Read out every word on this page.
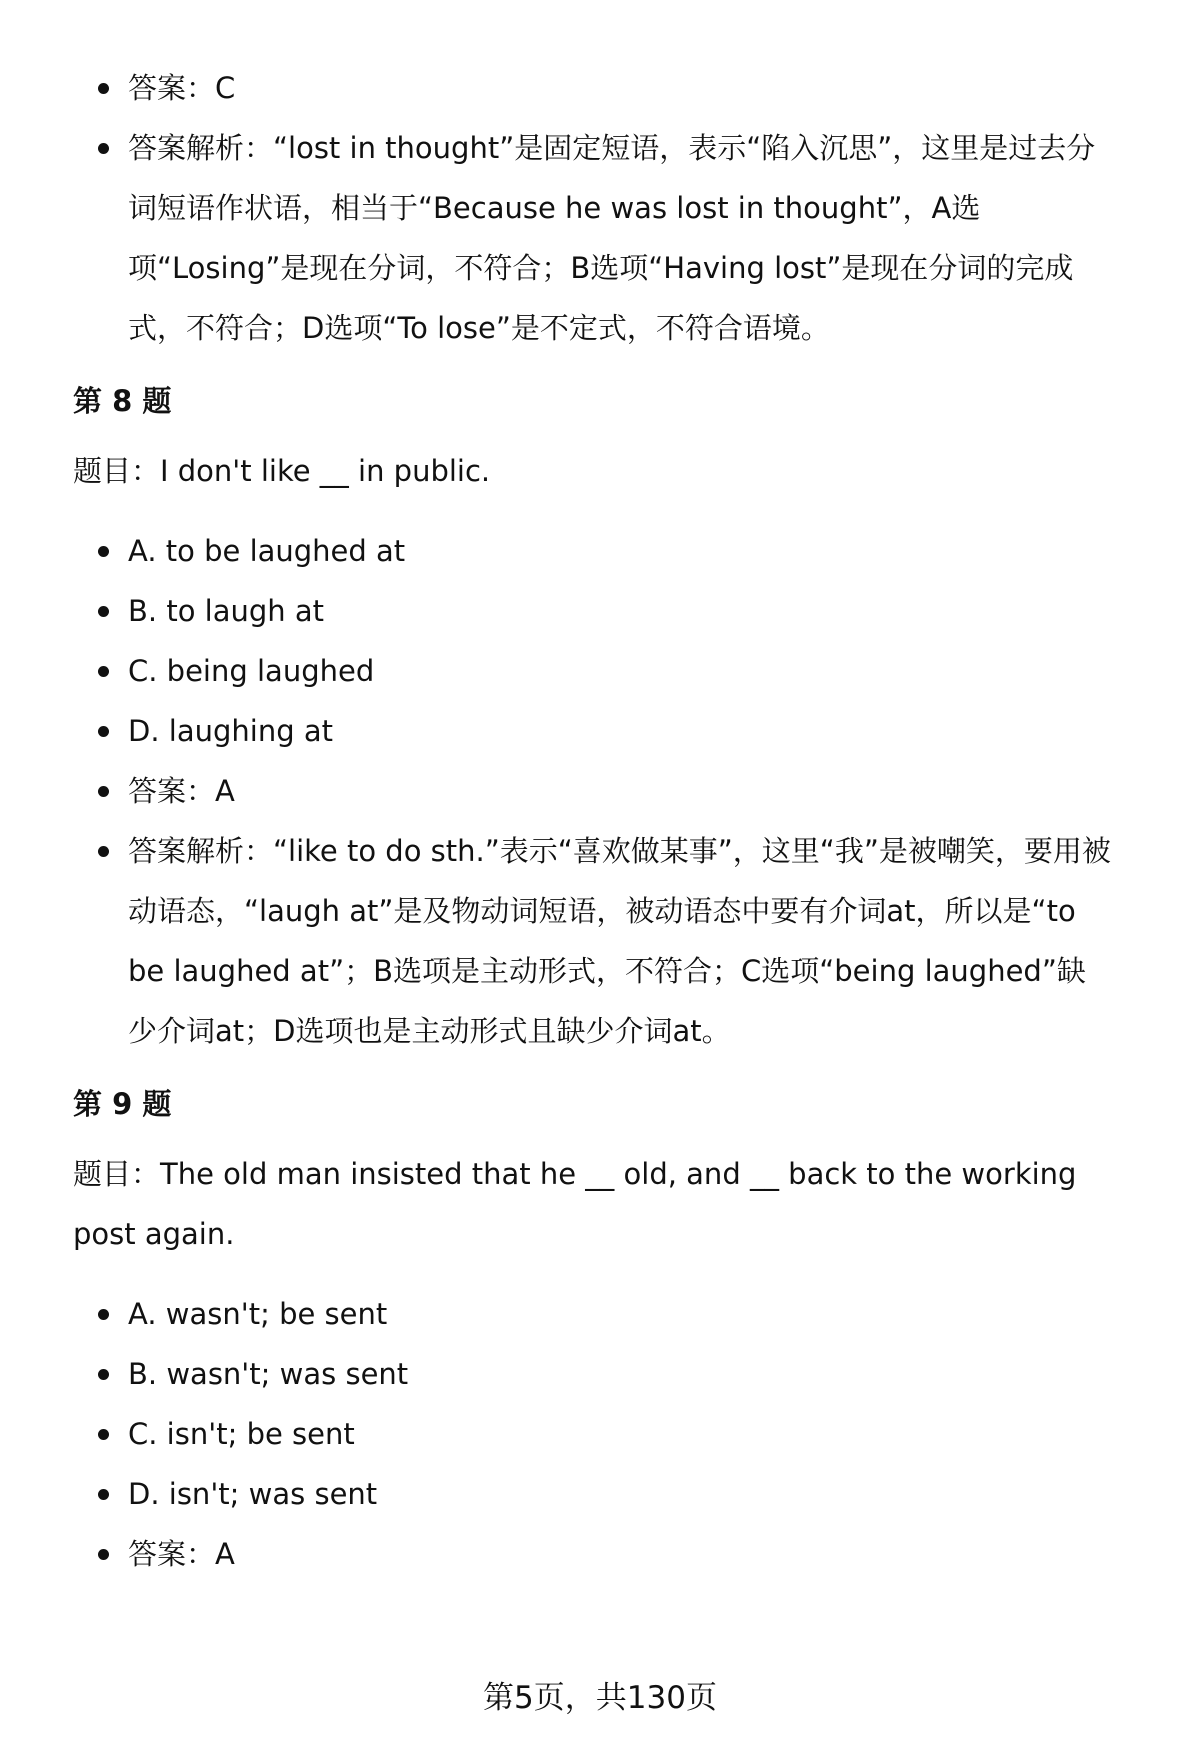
答案：C
答案解析：“lost in thought”是固定短语，表示“陷入沉思”，这里是过去分词短语作状语，相当于“Because he was lost in thought”，A选项“Losing”是现在分词，不符合；B选项“Having lost”是现在分词的完成式，不符合；D选项“To lose”是不定式，不符合语境。
第 8 题

题目：I don't like __ in public.

A. to be laughed at
B. to laugh at
C. being laughed
D. laughing at
答案：A
答案解析：“like to do sth.”表示“喜欢做某事”，这里“我”是被嘲笑，要用被动语态，“laugh at”是及物动词短语，被动语态中要有介词at，所以是“to be laughed at”；B选项是主动形式，不符合；C选项“being laughed”缺少介词at；D选项也是主动形式且缺少介词at。
第 9 题

题目：The old man insisted that he __ old, and __ back to the working post again.

A. wasn't; be sent
B. wasn't; was sent
C. isn't; be sent
D. isn't; was sent
答案：A
第5页，共130页
